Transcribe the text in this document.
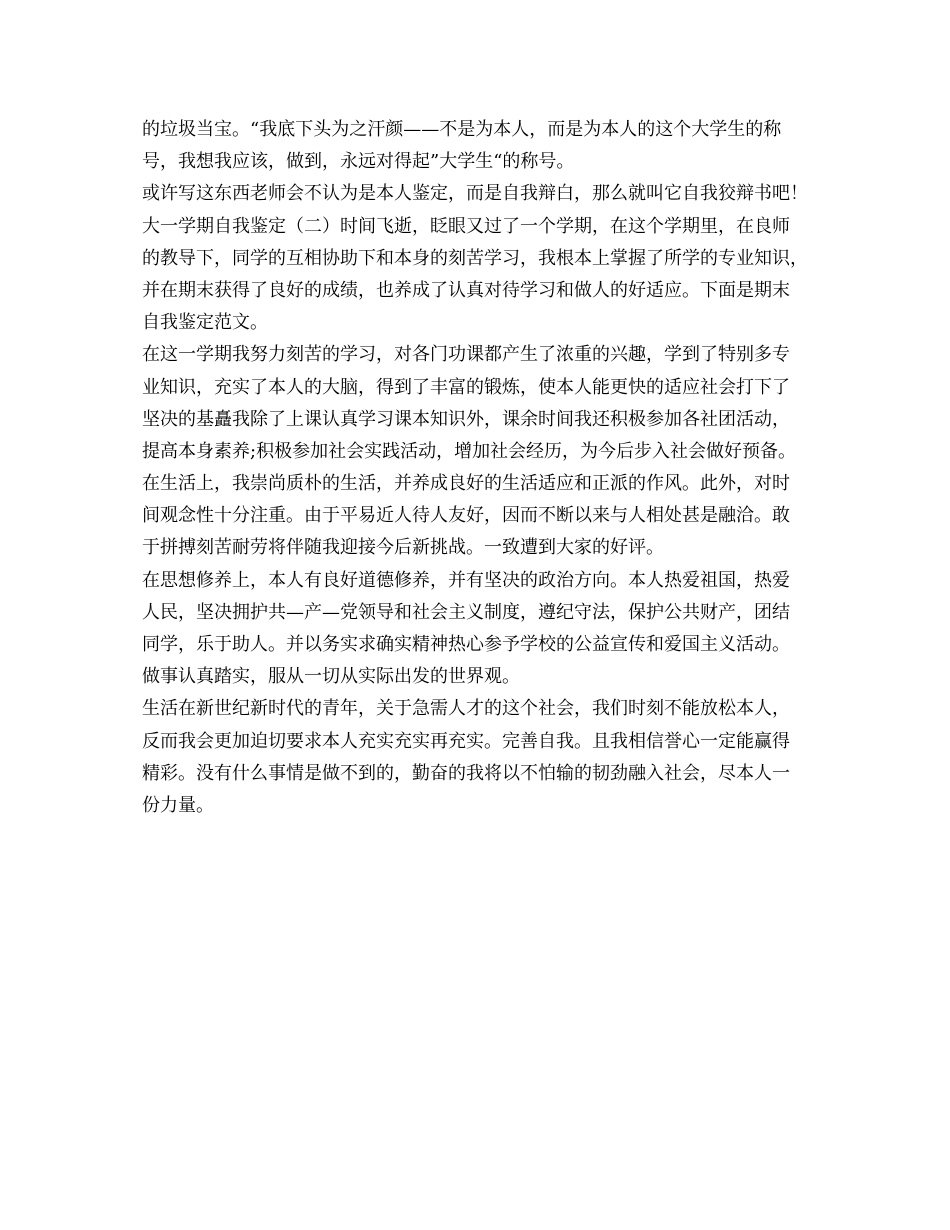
的垃圾当宝。“我底下头为之汗颜——不是为本人，而是为本人的这个大学生的称
号，我想我应该，做到，永远对得起”大学生“的称号。
或许写这东西老师会不认为是本人鉴定，而是自我辩白，那么就叫它自我狡辩书吧！
大一学期自我鉴定（二）时间飞逝，眨眼又过了一个学期，在这个学期里，在良师
的教导下，同学的互相协助下和本身的刻苦学习，我根本上掌握了所学的专业知识，
并在期末获得了良好的成绩，也养成了认真对待学习和做人的好适应。下面是期末
自我鉴定范文。
在这一学期我努力刻苦的学习，对各门功课都产生了浓重的兴趣，学到了特别多专
业知识，充实了本人的大脑，得到了丰富的锻炼，使本人能更快的适应社会打下了
坚决的基矗我除了上课认真学习课本知识外，课余时间我还积极参加各社团活动，
提高本身素养;积极参加社会实践活动，增加社会经历，为今后步入社会做好预备。
在生活上，我崇尚质朴的生活，并养成良好的生活适应和正派的作风。此外，对时
间观念性十分注重。由于平易近人待人友好，因而不断以来与人相处甚是融洽。敢
于拼搏刻苦耐劳将伴随我迎接今后新挑战。一致遭到大家的好评。
在思想修养上，本人有良好道德修养，并有坚决的政治方向。本人热爱祖国，热爱
人民，坚决拥护共—产—党领导和社会主义制度，遵纪守法，保护公共财产，团结
同学，乐于助人。并以务实求确实精神热心参予学校的公益宣传和爱国主义活动。
做事认真踏实，服从一切从实际出发的世界观。
生活在新世纪新时代的青年，关于急需人才的这个社会，我们时刻不能放松本人，
反而我会更加迫切要求本人充实充实再充实。完善自我。且我相信誉心一定能赢得
精彩。没有什么事情是做不到的，勤奋的我将以不怕输的韧劲融入社会，尽本人一
份力量。
